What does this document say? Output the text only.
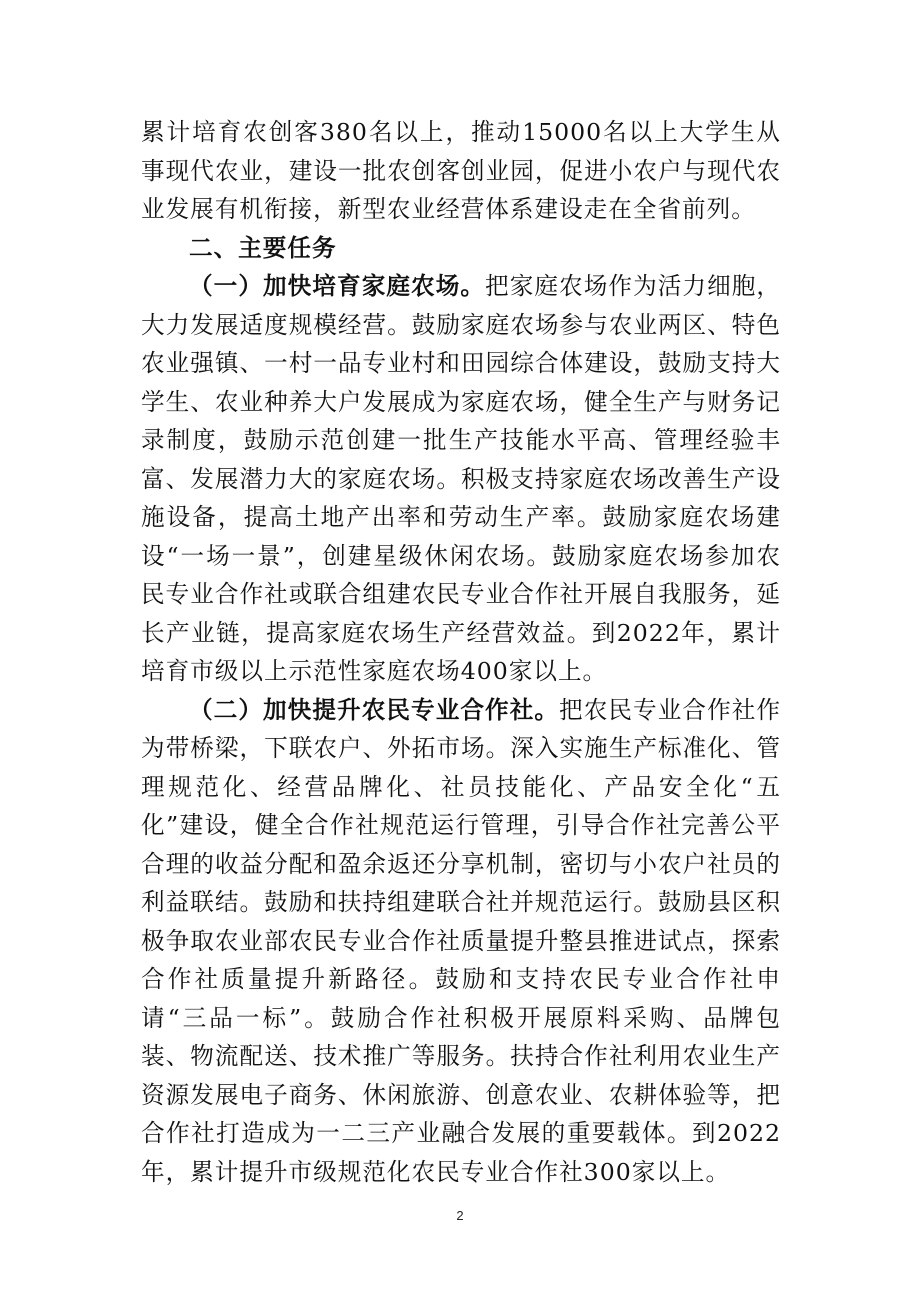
累计培育农创客380名以上，推动15000名以上大学生从事现代农业，建设一批农创客创业园，促进小农户与现代农业发展有机衔接，新型农业经营体系建设走在全省前列。

二、主要任务

（一）加快培育家庭农场。把家庭农场作为活力细胞，大力发展适度规模经营。鼓励家庭农场参与农业两区、特色农业强镇、一村一品专业村和田园综合体建设，鼓励支持大学生、农业种养大户发展成为家庭农场，健全生产与财务记录制度，鼓励示范创建一批生产技能水平高、管理经验丰富、发展潜力大的家庭农场。积极支持家庭农场改善生产设施设备，提高土地产出率和劳动生产率。鼓励家庭农场建设“一场一景”，创建星级休闲农场。鼓励家庭农场参加农民专业合作社或联合组建农民专业合作社开展自我服务，延长产业链，提高家庭农场生产经营效益。到2022年，累计培育市级以上示范性家庭农场400家以上。

（二）加快提升农民专业合作社。把农民专业合作社作为带桥梁，下联农户、外拓市场。深入实施生产标准化、管理规范化、经营品牌化、社员技能化、产品安全化“五化”建设，健全合作社规范运行管理，引导合作社完善公平合理的收益分配和盈余返还分享机制，密切与小农户社员的利益联结。鼓励和扶持组建联合社并规范运行。鼓励县区积极争取农业部农民专业合作社质量提升整县推进试点，探索合作社质量提升新路径。鼓励和支持农民专业合作社申请“三品一标”。鼓励合作社积极开展原料采购、品牌包装、物流配送、技术推广等服务。扶持合作社利用农业生产资源发展电子商务、休闲旅游、创意农业、农耕体验等，把合作社打造成为一二三产业融合发展的重要载体。到2022年，累计提升市级规范化农民专业合作社300家以上。

2
